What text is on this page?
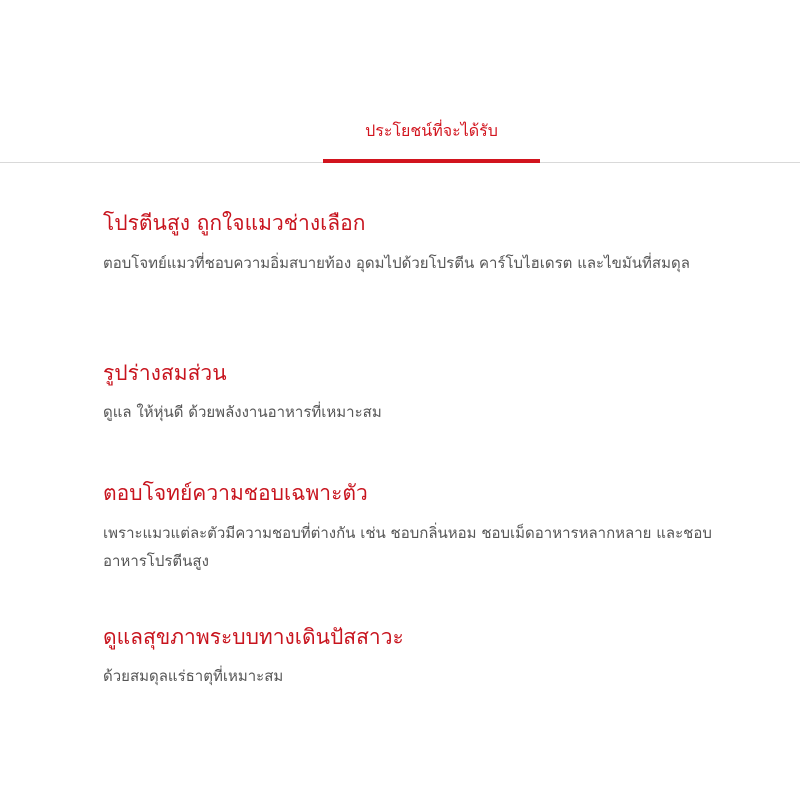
ประโยชน์ที่จะได้รับ
โปรตีนสูง ถูกใจแมวช่างเลือก

ตอบโจทย์แมวที่ชอบความอิ่มสบายท้อง อุดมไปด้วยโปรตีน คาร์โบไฮเดรต และไขมันที่สมดุล

รูปร่างสมส่วน

ดูแล ให้หุ่นดี ด้วยพลังงานอาหารที่เหมาะสม

ตอบโจทย์ความชอบเฉพาะตัว

เพราะแมวแต่ละตัวมีความชอบที่ต่างกัน เช่น ชอบกลิ่นหอม ชอบเม็ดอาหารหลากหลาย และชอบอาหารโปรตีนสูง

ดูแลสุขภาพระบบทางเดินปัสสาวะ

ด้วยสมดุลแร่ธาตุที่เหมาะสม
